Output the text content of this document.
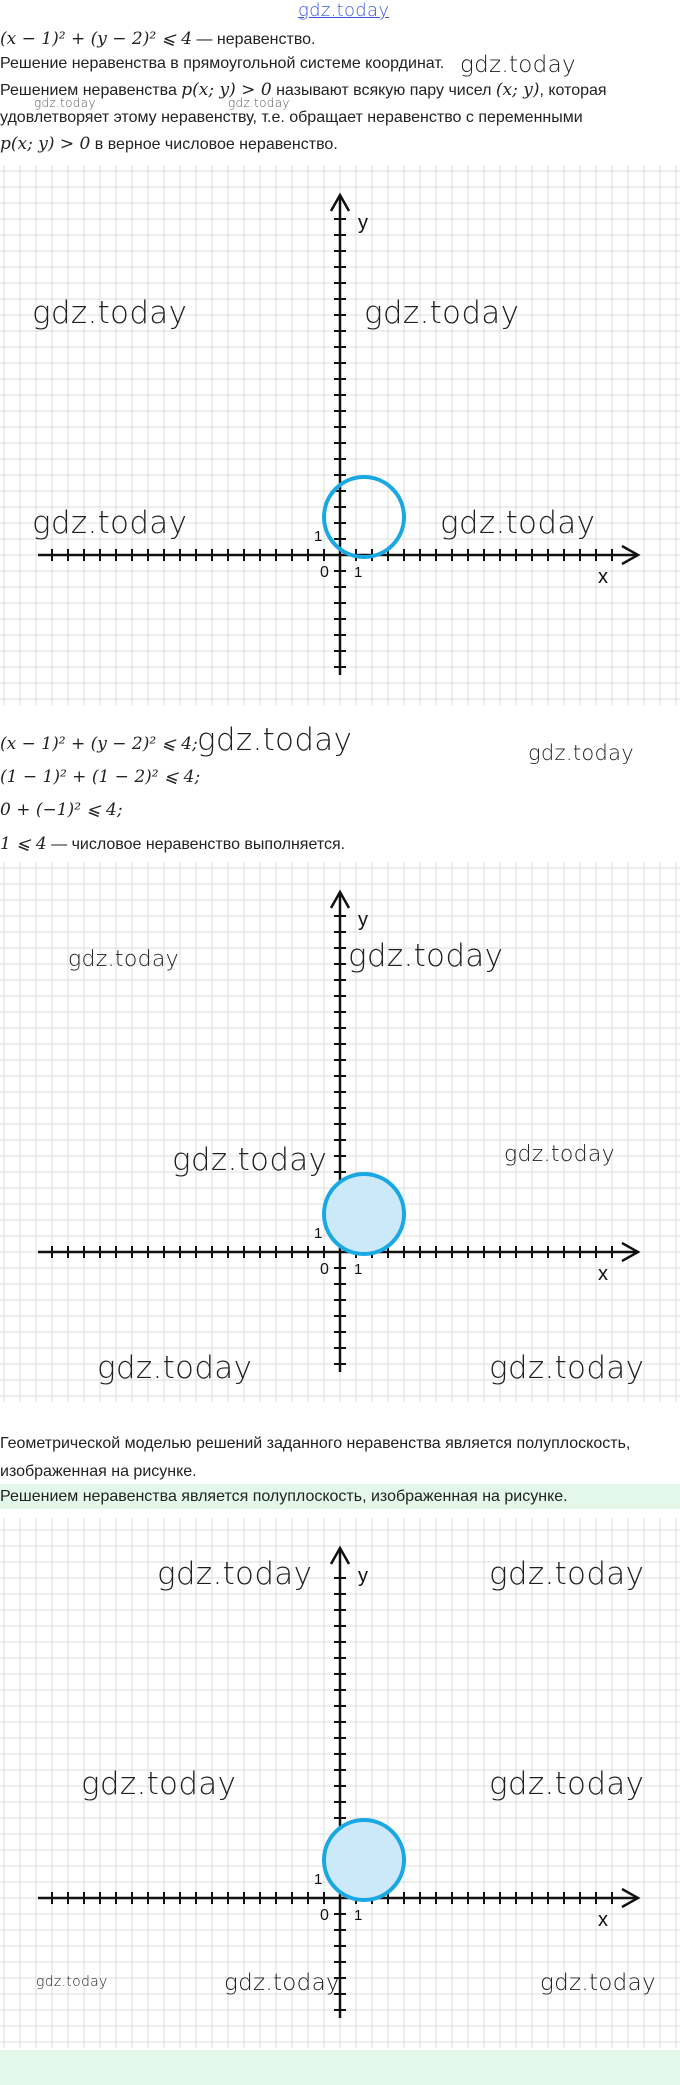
gdz.today
(x − 1)² + (y − 2)² ⩽ 4 — неравенство.
Решение неравенства в прямоугольной системе координат. gdz.today
Решением неравенства p(x; y) > 0 называют всякую пару чисел (x; y), которая
gdz.today	gdz.today
удовлетворяет этому неравенству, т.е. обращает неравенство с переменными
p(x; y) > 0 в верное числовое неравенство.
x
y
0 1
1
gdz.today	gdz.today
gdz.today	gdz.today
(x − 1)² + (y − 2)² ⩽ 4; gdz.today	gdz.today
(1 − 1)² + (1 − 2)² ⩽ 4;
0 + (−1)² ⩽ 4;
1 ⩽ 4 — числовое неравенство выполняется.
x
y
0 1
1
gdz.today	gdz.today
gdz.today	gdz.today
gdz.today	gdz.today
Геометрической моделью решений заданного неравенства является полуплоскость,
изображенная на рисунке.
Решением неравенства является полуплоскость, изображенная на рисунке.
x
y
0 1
1
gdz.today	gdz.today
gdz.today	gdz.today
gdz.today	gdz.today	gdz.today
